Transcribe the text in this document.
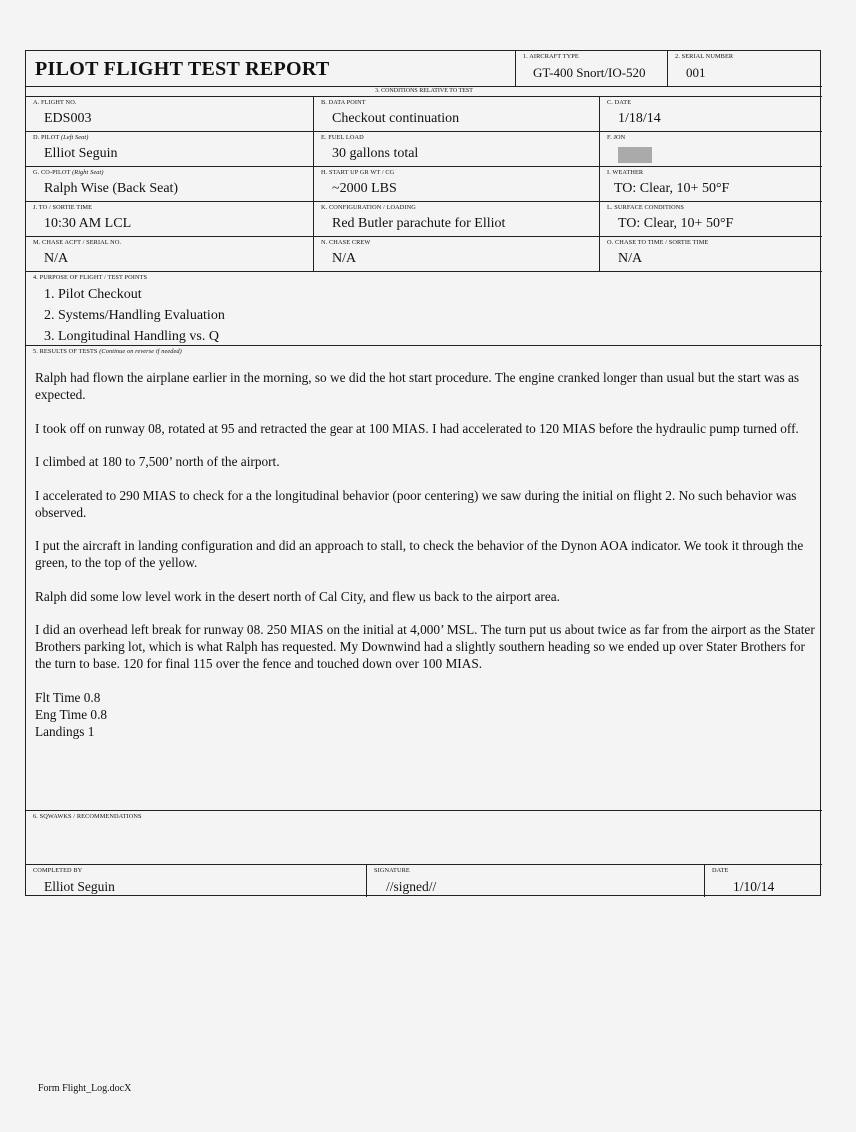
PILOT FLIGHT TEST REPORT
1. AIRCRAFT TYPE
GT-400 Snort/IO-520
2. SERIAL NUMBER
001
3. CONDITIONS RELATIVE TO TEST
A. FLIGHT NO.
EDS003
B. DATA POINT
Checkout continuation
C. DATE
1/18/14
D. PILOT (Left Seat)
Elliot Seguin
E. FUEL LOAD
30 gallons total
F. JON
G. CO-PILOT (Right Seat)
Ralph Wise (Back Seat)
H. START UP GR WT / CG
~2000 LBS
I. WEATHER
TO: Clear, 10+ 50°F
J. TO / SORTIE TIME
10:30 AM LCL
K. CONFIGURATION / LOADING
Red Butler parachute for Elliot
L. SURFACE CONDITIONS
TO: Clear, 10+ 50°F
M. CHASE ACFT / SERIAL NO.
N/A
N. CHASE CREW
N/A
O. CHASE TO TIME / SORTIE TIME
N/A
4. PURPOSE OF FLIGHT / TEST POINTS
1. Pilot Checkout
2. Systems/Handling Evaluation
3. Longitudinal Handling vs. Q
5. RESULTS OF TESTS (Continue on reverse if needed)

Ralph had flown the airplane earlier in the morning, so we did the hot start procedure. The engine cranked longer than usual but the start was as expected.

I took off on runway 08, rotated at 95 and retracted the gear at 100 MIAS. I had accelerated to 120 MIAS before the hydraulic pump turned off.

I climbed at 180 to 7,500’ north of the airport.

I accelerated to 290 MIAS to check for a the longitudinal behavior (poor centering) we saw during the initial on flight 2. No such behavior was observed.

I put the aircraft in landing configuration and did an approach to stall, to check the behavior of the Dynon AOA indicator. We took it through the green, to the top of the yellow.

Ralph did some low level work in the desert north of Cal City, and flew us back to the airport area.

I did an overhead left break for runway 08. 250 MIAS on the initial at 4,000’ MSL. The turn put us about twice as far from the airport as the Stater Brothers parking lot, which is what Ralph has requested. My Downwind had a slightly southern heading so we ended up over Stater Brothers for the turn to base. 120 for final 115 over the fence and touched down over 100 MIAS.

Flt Time 0.8

Eng Time 0.8

Landings 1

6. SQWAWKS / RECOMMENDATIONS
COMPLETED BY
Elliot Seguin
SIGNATURE
//signed//
DATE
1/10/14
Form Flight_Log.docX
